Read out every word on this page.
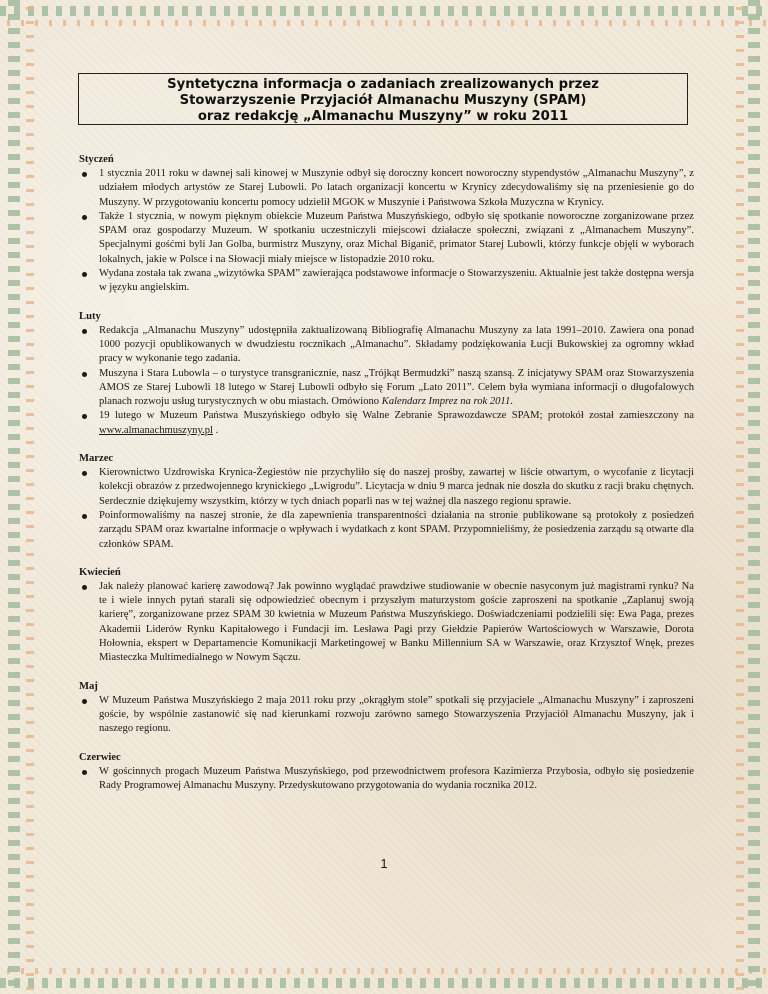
Syntetyczna informacja o zadaniach zrealizowanych przez
Stowarzyszenie Przyjaciół Almanachu Muszyny (SPAM)
oraz redakcję „Almanachu Muszyny” w roku 2011
Styczeń
1 stycznia 2011 roku w dawnej sali kinowej w Muszynie odbył się doroczny koncert noworoczny stypendystów „Almanachu Muszyny”, z udziałem młodych artystów ze Starej Lubowli. Po latach organizacji koncertu w Krynicy zdecydowaliśmy się na przeniesienie go do Muszyny. W przygotowaniu koncertu pomocy udzielił MGOK w Muszynie i Państwowa Szkoła Muzyczna w Krynicy.
Także 1 stycznia, w nowym pięknym obiekcie Muzeum Państwa Muszyńskiego, odbyło się spotkanie noworoczne zorganizowane przez SPAM oraz gospodarzy Muzeum. W spotkaniu uczestniczyli miejscowi działacze społeczni, związani z „Almanachem Muszyny”. Specjalnymi gośćmi byli Jan Golba, burmistrz Muszyny, oraz Michal Biganič, primator Starej Lubowli, którzy funkcje objęli w wyborach lokalnych, jakie w Polsce i na Słowacji miały miejsce w listopadzie 2010 roku.
Wydana została tak zwana „wizytówka SPAM” zawierająca podstawowe informacje o Stowarzyszeniu. Aktualnie jest także dostępna wersja w języku angielskim.
Luty
Redakcja „Almanachu Muszyny” udostępniła zaktualizowaną Bibliografię Almanachu Muszyny za lata 1991–2010. Zawiera ona ponad 1000 pozycji opublikowanych w dwudziestu rocznikach „Almanachu”. Składamy podziękowania Łucji Bukowskiej za ogromny wkład pracy w wykonanie tego zadania.
Muszyna i Stara Lubowla – o turystyce transgranicznie, nasz „Trójkąt Bermudzki” naszą szansą. Z inicjatywy SPAM oraz Stowarzyszenia AMOS ze Starej Lubowli 18 lutego w Starej Lubowli odbyło się Forum „Lato 2011”. Celem była wymiana informacji o długofalowych planach rozwoju usług turystycznych w obu miastach. Omówiono Kalendarz Imprez na rok 2011.
19 lutego w Muzeum Państwa Muszyńskiego odbyło się Walne Zebranie Sprawozdawcze SPAM; protokół został zamieszczony na www.almanachmuszyny.pl .
Marzec
Kierownictwo Uzdrowiska Krynica-Żegiestów nie przychyliło się do naszej prośby, zawartej w liście otwartym, o wycofanie z licytacji kolekcji obrazów z przedwojennego krynickiego „Lwigrodu”. Licytacja w dniu 9 marca jednak nie doszła do skutku z racji braku chętnych. Serdecznie dziękujemy wszystkim, którzy w tych dniach poparli nas w tej ważnej dla naszego regionu sprawie.
Poinformowaliśmy na naszej stronie, że dla zapewnienia transparentności działania na stronie publikowane są protokoły z posiedzeń zarządu SPAM oraz kwartalne informacje o wpływach i wydatkach z kont SPAM. Przypomnieliśmy, że posiedzenia zarządu są otwarte dla członków SPAM.
Kwiecień
Jak należy planować karierę zawodową? Jak powinno wyglądać prawdziwe studiowanie w obecnie nasyconym już magistrami rynku? Na te i wiele innych pytań starali się odpowiedzieć obecnym i przyszłym maturzystom goście zaproszeni na spotkanie „Zaplanuj swoją karierę”, zorganizowane przez SPAM 30 kwietnia w Muzeum Państwa Muszyńskiego. Doświadczeniami podzielili się: Ewa Paga, prezes Akademii Liderów Rynku Kapitałowego i Fundacji im. Lesława Pagi przy Giełdzie Papierów Wartościowych w Warszawie, Dorota Hołownia, ekspert w Departamencie Komunikacji Marketingowej w Banku Millennium SA w Warszawie, oraz Krzysztof Wnęk, prezes Miasteczka Multimedialnego w Nowym Sączu.
Maj
W Muzeum Państwa Muszyńskiego 2 maja 2011 roku przy „okrągłym stole” spotkali się przyjaciele „Almanachu Muszyny” i zaproszeni goście, by wspólnie zastanowić się nad kierunkami rozwoju zarówno samego Stowarzyszenia Przyjaciół Almanachu Muszyny, jak i naszego regionu.
Czerwiec
W gościnnych progach Muzeum Państwa Muszyńskiego, pod przewodnictwem profesora Kazimierza Przybosia, odbyło się posiedzenie Rady Programowej Almanachu Muszyny. Przedyskutowano przygotowania do wydania rocznika 2012.
1
